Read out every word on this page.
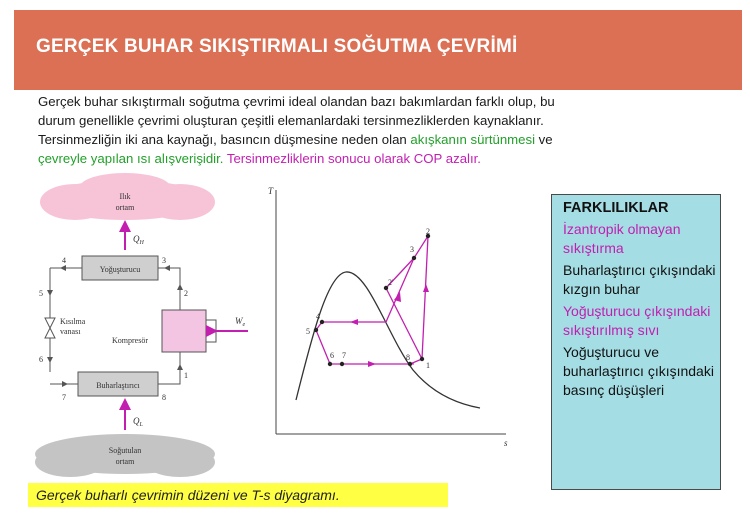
GERÇEK BUHAR SIKIŞTIRMALI SOĞUTMA ÇEVRİMİ
Gerçek buhar sıkıştırmalı soğutma çevrimi ideal olandan bazı bakımlardan farklı olup, bu
durum genellikle çevrimi oluşturan çeşitli elemanlardaki tersinmezliklerden kaynaklanır.
Tersinmezliğin iki ana kaynağı, basıncın düşmesine neden olan akışkanın sürtünmesi ve
çevreyle yapılan ısı alışverişidir. Tersinmezliklerin sonucu olarak COP azalır.
Ilık
ortam
$Q_H$
Yoğuşturucu
Buharlaştırıcı
$W_e$
Kompresör
Kısılma
vanası
1
2
3
4
5
6
7	8
$Q_L$
Soğutulan
ortam
T
s
1
2
2'
3
4
5
6 7	8
FARKLILIKLAR
İzantropik olmayan sıkıştırma
Buharlaştırıcı çıkışındaki kızgın buhar
Yoğuşturucu çıkışındaki sıkıştırılmış sıvı
Yoğuşturucu ve buharlaştırıcı çıkışındaki basınç düşüşleri
Gerçek buharlı çevrimin düzeni ve T-s diyagramı.
